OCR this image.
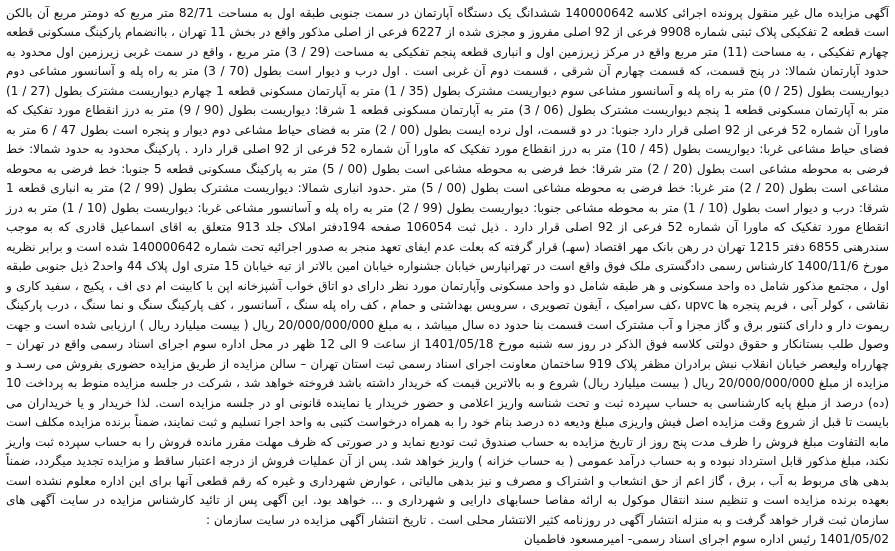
آگهی مزایده مال غیر منقول پرونده اجرائی کلاسه 140000642 ششدانگ یک دستگاه آپارتمان در سمت جنوبی طبقه اول به مساحت 82/71 متر مربع که دومتر مربع آن بالکن است قطعه 2 تفکیکی پلاک ثبتی شماره 9908 فرعی از 92 اصلی مفروز و مجزی شده از 6227 فرعی از اصلی مذکور واقع در بخش 11 تهران ، باانضمام پارکینگ مسکونی قطعه چهارم تفکیکی ، به مساحت (11) متر مربع واقع در مرکز زیرزمین اول و انباری قطعه پنجم تفکیکی به مساحت (29 / 3) متر مربع ، واقع در سمت غربی زیرزمین اول محدود به حدود آپارتمان شمالا: در پنج قسمت، که قسمت چهارم آن شرقی ، قسمت دوم آن غربی است . اول درب و دیوار است بطول (70 / 3) متر به راه پله و آسانسور مشاعی دوم دیواریست بطول (25 / 0) متر به راه پله و آسانسور مشاعی سوم دیواریست مشترک بطول (35 / 1) متر به آپارتمان مسکونی قطعه 1 چهارم دیواریست مشترک بطول (27 / 1) متر به آپارتمان مسکونی قطعه 1 پنجم دیواریست مشترک بطول (06 / 3) متر به آپارتمان مسکونی قطعه 1 شرقا: دیواریست بطول (90 / 9) متر به درز انقطاع مورد تفکیک که ماورا آن شماره 52 فرعی از 92 اصلی قرار دارد جنوبا: در دو قسمت، اول نرده ایست بطول (00 / 2) متر به فضای حیاط مشاعی دوم دیوار و پنجره است بطول 47 / 6 متر به فضای حیاط مشاعی غربا: دیواریست بطول (45 / 10) متر به درز انقطاع مورد تفکیک که ماورا آن شماره 52 فرعی از 92 اصلی قرار دارد . پارکینگ محدود به حدود شمالا: خط فرضی به محوطه مشاعی است بطول (20 / 2) متر شرقا: خط فرضی به محوطه مشاعی است بطول (00 / 5) متر به پارکینگ مسکونی قطعه 5 جنوبا: خط فرضی به محوطه مشاعی است بطول (20 / 2) متر غربا: خط فرضی به محوطه مشاعی است بطول (00 / 5) متر .حدود انباری شمالا: دیواریست مشترک بطول (99 / 2) متر به انباری قطعه 1 شرقا: درب و دیوار است بطول (10 / 1) متر به محوطه مشاعی جنوبا: دیواریست بطول (99 / 2) متر به راه پله و آسانسور مشاعی غربا: دیواریست بطول (10 / 1) متر به درز انقطاع مورد تفکیک که ماورا آن شماره 52 فرعی از 92 اصلی قرار دارد . ذیل ثبت 106054 صفحه 194دفتر املاک جلد 913 متعلق به اقای اسماعیل قادری که به موجب سندرهنی 6855 دفتر 1215 تهران در رهن بانک مهر اقتصاد (سهـ) قرار گرفته که بعلت عدم ایفای تعهد منجر به صدور اجرائیه تحت شماره 140000642 شده است و برابر نظریه مورخ 1400/11/6 کارشناس رسمی دادگستری ملک فوق واقع است در تهرانپارس خیابان جشنواره خیابان امین بالاتر از تیه خیابان 15 متری اول پلاک 44 واحد2 ذیل جنوبی طبقه اول ، مجتمع مذکور شامل ده واحد مسکونی و هر طبقه شامل دو واحد مسکونی وآپارتمان مورد نظر دارای دو اتاق خواب آشپزخانه اپن با کابینت ام دی اف ، پکیج ، سفید کاری و نقاشی ، کولر آبی ، فریم پنجره ها upvc ،کف سرامیک ، آیفون تصویری ، سرویس بهداشتی و حمام ، کف راه پله سنگ ، آسانسور ، کف پارکینگ سنگ و نما سنگ ، درب پارکینگ ریموت دار و دارای کنتور برق و گاز مجزا و آب مشترک است قسمت بنا حدود ده سال میباشد ، به مبلغ 20/000/000/000 ریال ( بیست میلیارد ریال ) ارزیابی شده است و جهت وصول طلب بستانکار و حقوق دولتی کلاسه فوق الذکر در روز سه شنبه مورخ 1401/05/18 از ساعت 9 الی 12 ظهر در محل اداره سوم اجرای اسناد رسمی واقع در تهران – چهارراه ولیعصر خیابان انقلاب نبش برادران مظفر پلاک 919 ساختمان معاونت اجرای اسناد رسمی ثبت استان تهران – سالن مزایده از طریق مزایده حضوری بفروش می رسـد و مزایده از مبلغ 20/000/000/000 ریال ( بیست میلیارد ریال) شروع و به بالاترین قیمت که خریدار داشته باشد فروخته خواهد شد ، شرکت در جلسه مزایده منوط به پرداخت 10 (ده) درصد از مبلغ پایه کارشناسی به حساب سپرده ثبت و تحت شناسه واریز اعلامی و حضور خریدار یا نماینده قانونی او در جلسه مزایده است. لذا خریدار و یا خریداران می بایست تا قبل از شروع وقت مزایده اصل فیش واریزی مبلغ ودیعه ده درصد بنام خود را به همراه درخواست کتبی به واحد اجرا تسلیم و ثبت نمایند، ضمناً برنده مزایده مکلف است مابه التفاوت مبلغ فروش را ظرف مدت پنج روز از تاریخ مزایده به حساب صندوق ثبت تودیع نماید و در صورتی که ظرف مهلت مقرر مانده فروش را به حساب سپرده ثبت واریز نکند، مبلغ مذکور قابل استرداد نبوده و به حساب درآمد عمومی ( به حساب خزانه ) واریز خواهد شد. پس از آن عملیات فروش از درجه اعتبار ساقط و مزایده تجدید میگردد، ضمناً بدهی های مربوط به آب ، برق ، گاز اعم از حق انشعاب و اشتراک و مصرف و نیز بدهی مالیاتی ، عوارض شهرداری و غیره که رقم قطعی آنها برای این اداره معلوم نشده است بعهده برنده مزایده است و تنظیم سند انتقال موکول به ارائه مفاصا حسابهای دارایی و شهرداری و ... خواهد بود. این آگهی پس از تائید کارشناس مزایده در سایت آگهی های سازمان ثبت قرار خواهد گرفت و به منزله انتشار آگهی در روزنامه کثیر الانتشار محلی است . تاریخ انتشار آگهی مزایده در سایت سازمان :

1401/05/02 رئیس اداره سوم اجرای اسناد رسمی- امیرمسعود فاطمیان
